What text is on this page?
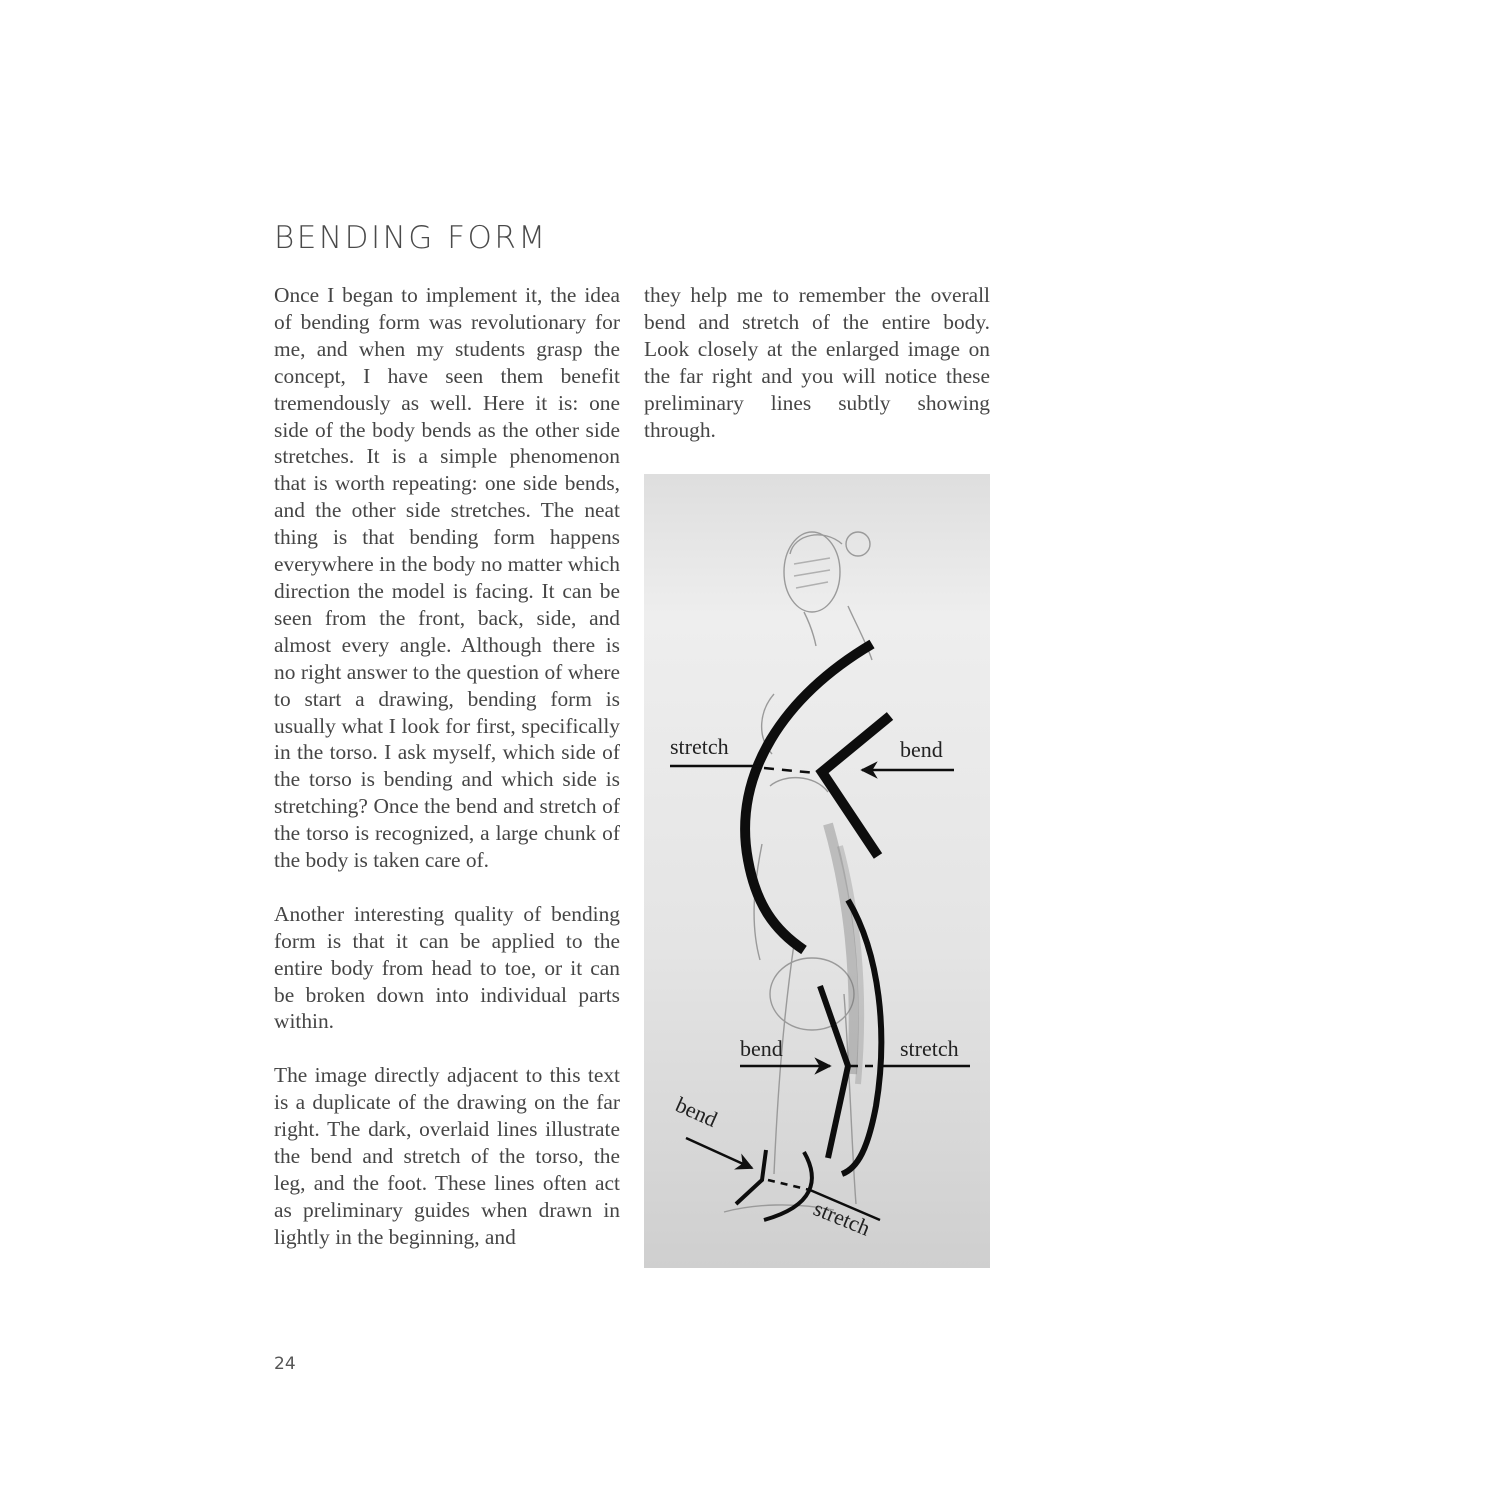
BENDING FORM

Once I began to implement it, the idea of bending form was revolutionary for me, and when my students grasp the concept, I have seen them benefit tremendously as well. Here it is: one side of the body bends as the other side stretches. It is a simple phenomenon that is worth repeating: one side bends, and the other side stretches. The neat thing is that bending form happens everywhere in the body no matter which direction the model is facing. It can be seen from the front, back, side, and almost every angle. Although there is no right answer to the question of where to start a drawing, bending form is usually what I look for first, specifically in the torso. I ask myself, which side of the torso is bending and which side is stretching? Once the bend and stretch of the torso is recognized, a large chunk of the body is taken care of.

Another interesting quality of bending form is that it can be applied to the entire body from head to toe, or it can be broken down into individual parts within.

The image directly adjacent to this text is a duplicate of the drawing on the far right. The dark, overlaid lines illustrate the bend and stretch of the torso, the leg, and the foot. These lines often act as preliminary guides when drawn in lightly in the beginning, and

they help me to remember the overall bend and stretch of the entire body. Look closely at the enlarged image on the far right and you will notice these preliminary lines subtly showing through.

stretch	bend
bend	stretch
bend
stretch
24
